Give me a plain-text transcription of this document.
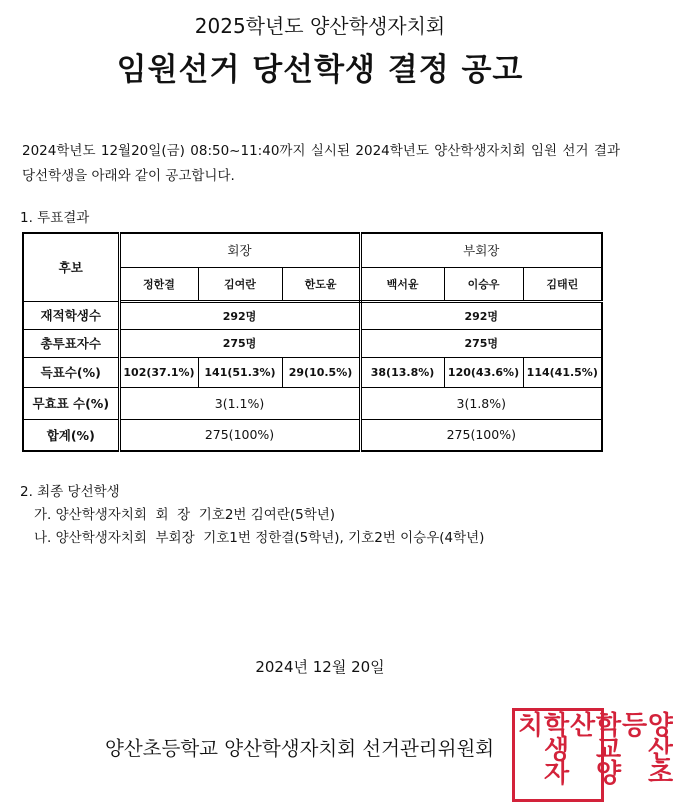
2025학년도 양산학생자치회
임원선거 당선학생 결정 공고
2024학년도 12월20일(금) 08:50~11:40까지 실시된 2024학년도 양산학생자치회 임원 선거 결과 당선학생을 아래와 같이 공고합니다.
1. 투표결과
후보	회장			부회장		
	정한결	김여란	한도윤	백서윤	이승우	김태린
재적학생수	292명			292명		
총투표자수	275명			275명		
득표수(%)	102(37.1%)	141(51.3%)	29(10.5%)	38(13.8%)	120(43.6%)	114(41.5%)
무효표 수(%)	3(1.1%)			3(1.8%)		
합계(%)	275(100%)			275(100%)		
2. 최종 당선학생
가. 양산학생자치회  회  장  기호2번 김여란(5학년)
나. 양산학생자치회  부회장  기호1번 정한결(5학년), 기호2번 이승우(4학년)
2024년 12월 20일
양산초등학교 양산학생자치회 선거관리위원회	양산초등
학교양산
학생자치
